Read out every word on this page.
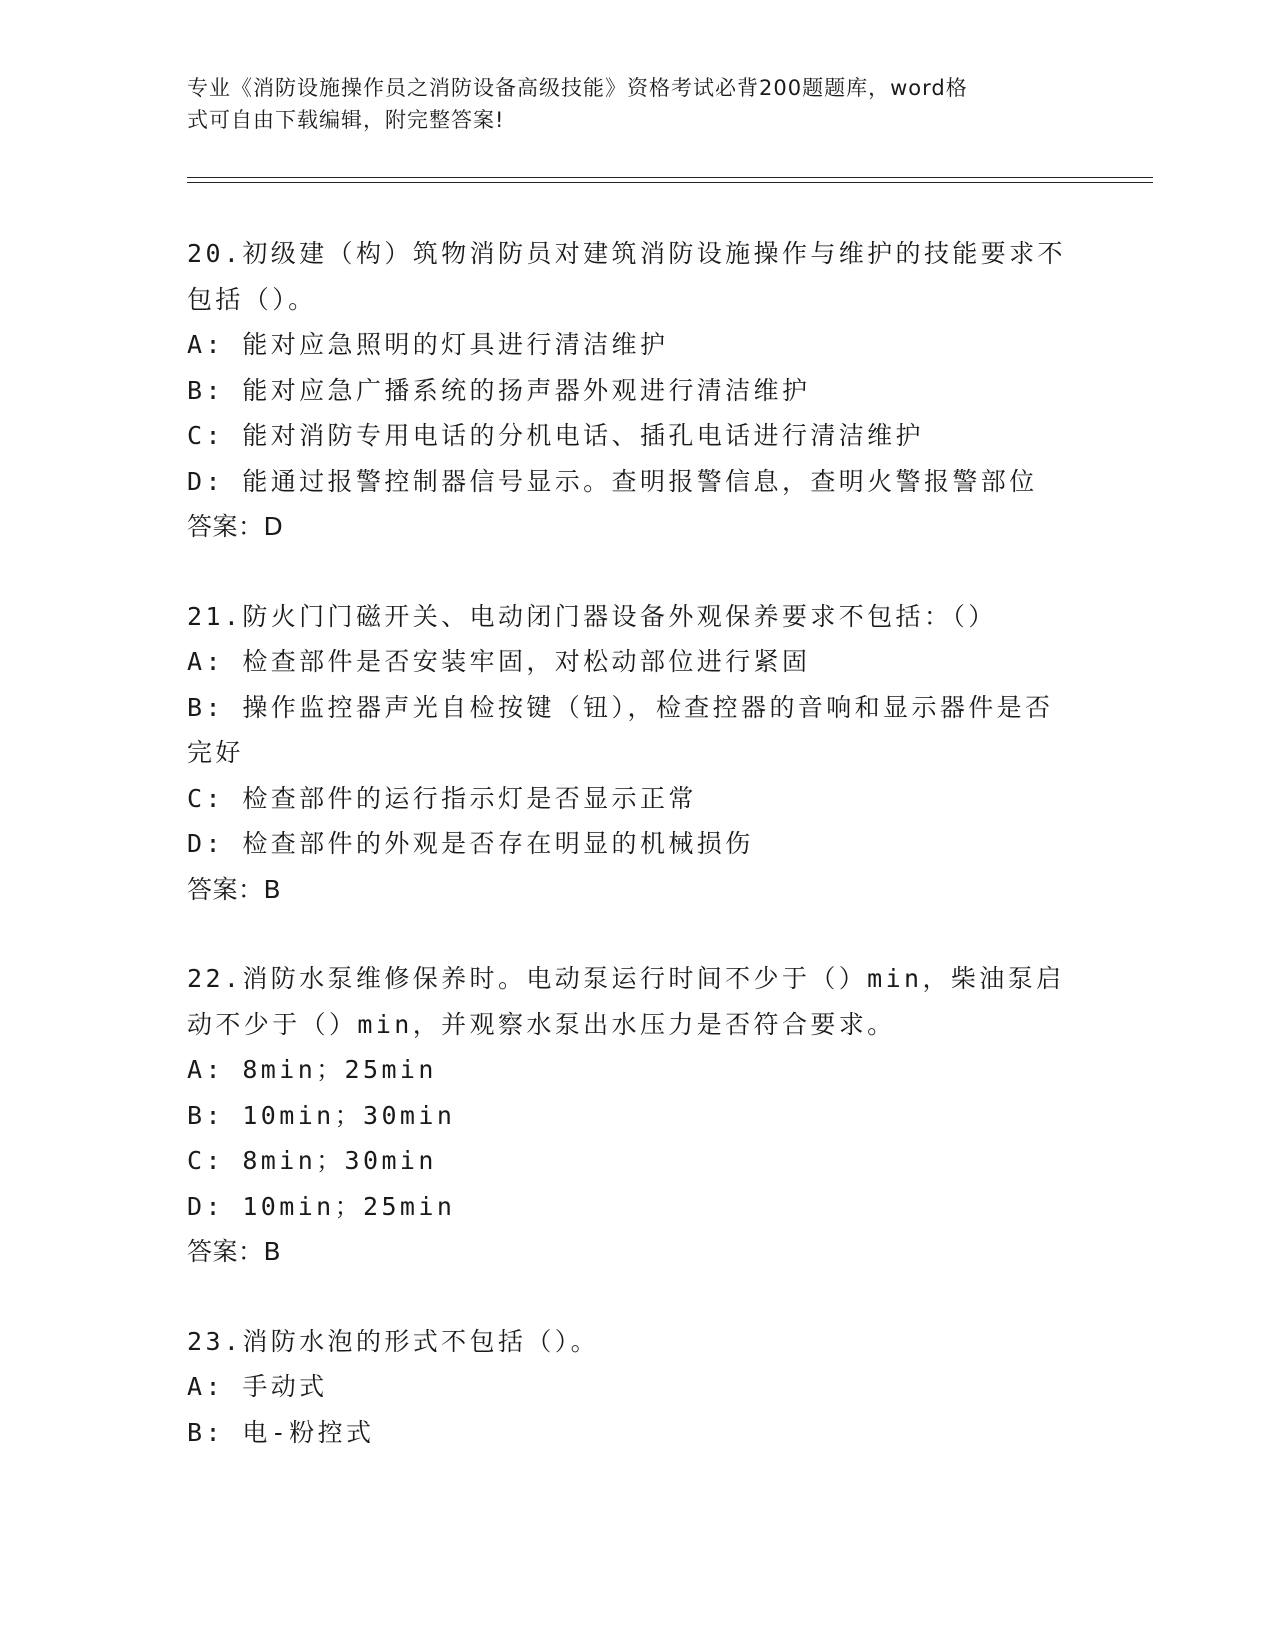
专业《消防设施操作员之消防设备高级技能》资格考试必背200题题库，word格
式可自由下载编辑，附完整答案!
20.初级建（构）筑物消防员对建筑消防设施操作与维护的技能要求不
包括（）。
A: 能对应急照明的灯具进行清洁维护
B: 能对应急广播系统的扬声器外观进行清洁维护
C: 能对消防专用电话的分机电话、插孔电话进行清洁维护
D: 能通过报警控制器信号显示。查明报警信息，查明火警报警部位
答案：D
21.防火门门磁开关、电动闭门器设备外观保养要求不包括：（）
A: 检查部件是否安装牢固，对松动部位进行紧固
B: 操作监控器声光自检按键（钮），检查控器的音响和显示器件是否
完好
C: 检查部件的运行指示灯是否显示正常
D: 检查部件的外观是否存在明显的机械损伤
答案：B
22.消防水泵维修保养时。电动泵运行时间不少于（）min，柴油泵启
动不少于（）min，并观察水泵出水压力是否符合要求。
A: 8min；25min
B: 10min；30min
C: 8min；30min
D: 10min；25min
答案：B
23.消防水泡的形式不包括（）。
A: 手动式
B: 电-粉控式
